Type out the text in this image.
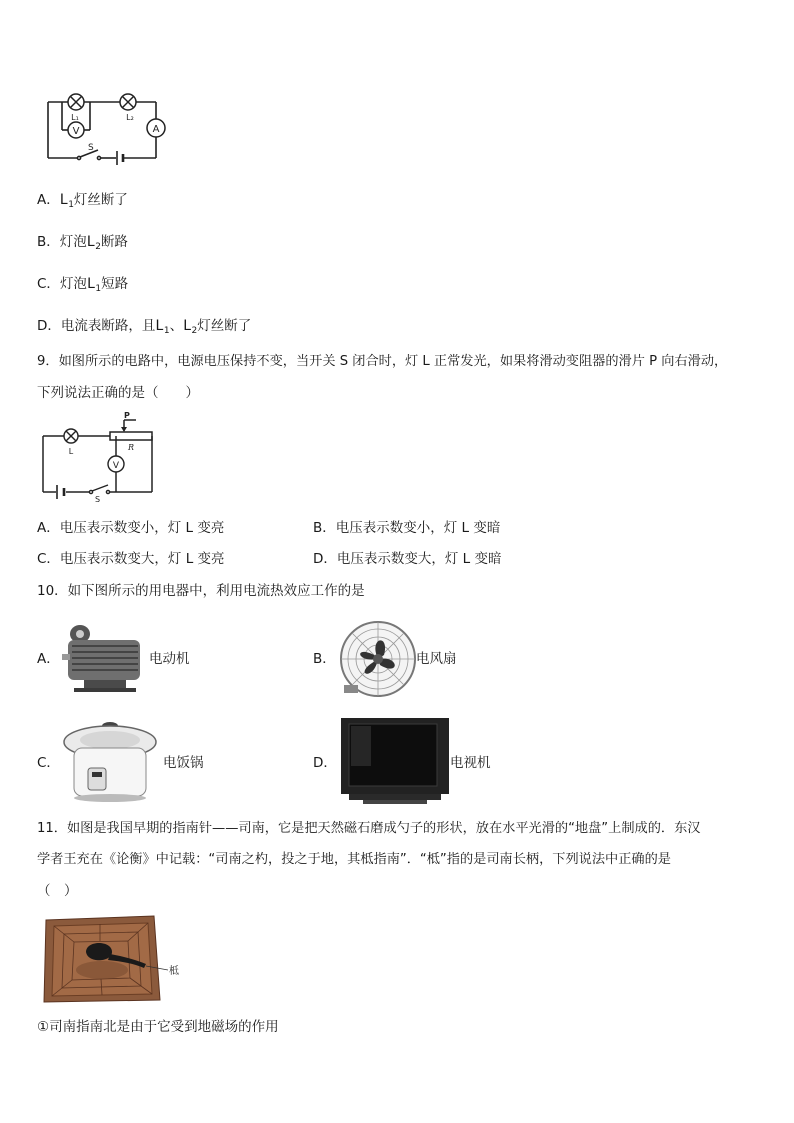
V	A
S
L₁	L₂
A．$L_1$灯丝断了
B．灯泡$L_2$断路
C．灯泡$L_1$短路
D．电流表断路，且$L_1$、$L_2$灯丝断了
9．如图所示的电路中，电源电压保持不变，当开关 S 闭合时，灯 L 正常发光，如果将滑动变阻器的滑片 P 向右滑动，
下列说法正确的是（　　）
V
P
R
L
S
A．电压表示数变小，灯 L 变亮	B．电压表示数变小，灯 L 变暗
C．电压表示数变大，灯 L 变亮	D．电压表示数变大，灯 L 变暗
10．如下图所示的用电器中，利用电流热效应工作的是
A．	电动机	B．	电风扇
C．	电饭锅	D．	电视机
11．如图是我国早期的指南针——司南，它是把天然磁石磨成勺子的形状，放在水平光滑的“地盘”上制成的．东汉
学者王充在《论衡》中记载：“司南之杓，投之于地，其柢指南”．“柢”指的是司南长柄，下列说法中正确的是
（　）
柢
①司南指南北是由于它受到地磁场的作用
